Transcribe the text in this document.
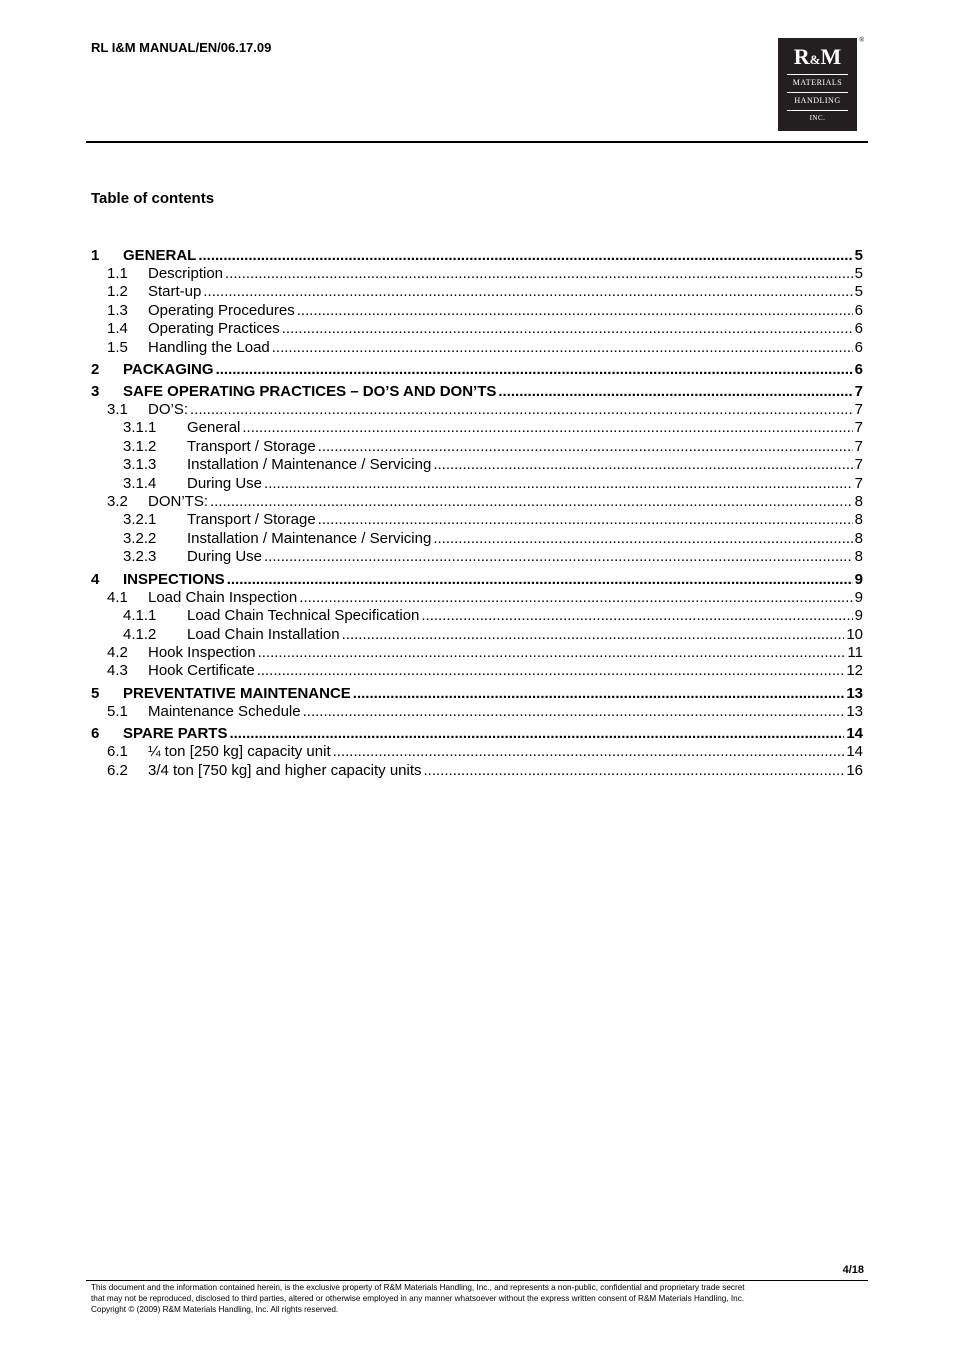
RL I&M MANUAL/EN/06.17.09	®
R&M
MATERIALS
HANDLING
INC.
Table of contents
1	GENERAL .....	5
1.1	Description .....	5
1.2	Start-up .....	5
1.3	Operating Procedures .....	6
1.4	Operating Practices .....	6
1.5	Handling the Load .....	6
2	PACKAGING .....	6
3	SAFE OPERATING PRACTICES – DO’S AND DON’TS .....	7
3.1	DO’S: .....	7
3.1.1	General .....	7
3.1.2	Transport / Storage .....	7
3.1.3	Installation / Maintenance / Servicing .....	7
3.1.4	During Use .....	7
3.2	DON’TS: .....	8
3.2.1	Transport / Storage .....	8
3.2.2	Installation / Maintenance / Servicing .....	8
3.2.3	During Use .....	8
4	INSPECTIONS .....	9
4.1	Load Chain Inspection .....	9
4.1.1	Load Chain Technical Specification .....	9
4.1.2	Load Chain Installation .....	10
4.2	Hook Inspection .....	11
4.3	Hook Certificate .....	12
5	PREVENTATIVE MAINTENANCE .....	13
5.1	Maintenance Schedule .....	13
6	SPARE PARTS .....	14
6.1	¼ ton [250 kg] capacity unit .....	14
6.2	3/4 ton [750 kg] and higher capacity units .....	16
4/18
This document and the information contained herein, is the exclusive property of R&M Materials Handling, Inc., and represents a non-public, confidential and proprietary trade secret
that may not be reproduced, disclosed to third parties, altered or otherwise employed in any manner whatsoever without the express written consent of R&M Materials Handling, Inc.
Copyright © (2009) R&M Materials Handling, Inc. All rights reserved.
